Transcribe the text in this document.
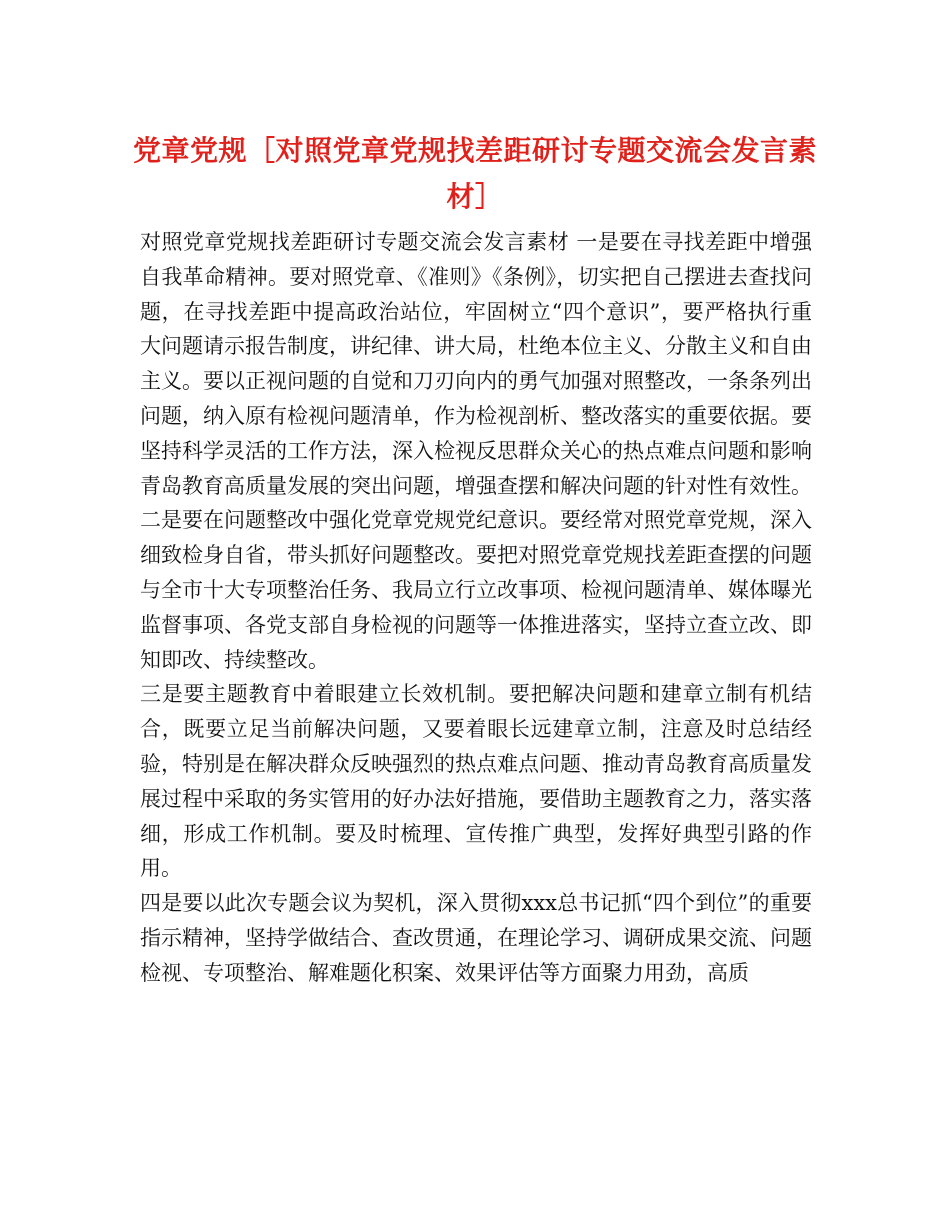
党章党规［对照党章党规找差距研讨专题交流会发言素材］

对照党章党规找差距研讨专题交流会发言素材 一是要在寻找差距中增强自我革命精神。要对照党章、《准则》《条例》，切实把自己摆进去查找问题，在寻找差距中提高政治站位，牢固树立“四个意识”，要严格执行重大问题请示报告制度，讲纪律、讲大局，杜绝本位主义、分散主义和自由主义。要以正视问题的自觉和刀刃向内的勇气加强对照整改，一条条列出问题，纳入原有检视问题清单，作为检视剖析、整改落实的重要依据。要坚持科学灵活的工作方法，深入检视反思群众关心的热点难点问题和影响青岛教育高质量发展的突出问题，增强查摆和解决问题的针对性有效性。

二是要在问题整改中强化党章党规党纪意识。要经常对照党章党规，深入细致检身自省，带头抓好问题整改。要把对照党章党规找差距查摆的问题与全市十大专项整治任务、我局立行立改事项、检视问题清单、媒体曝光监督事项、各党支部自身检视的问题等一体推进落实，坚持立查立改、即知即改、持续整改。

三是要主题教育中着眼建立长效机制。要把解决问题和建章立制有机结合，既要立足当前解决问题，又要着眼长远建章立制，注意及时总结经验，特别是在解决群众反映强烈的热点难点问题、推动青岛教育高质量发展过程中采取的务实管用的好办法好措施，要借助主题教育之力，落实落细，形成工作机制。要及时梳理、宣传推广典型，发挥好典型引路的作用。

四是要以此次专题会议为契机，深入贯彻xxx总书记抓“四个到位”的重要指示精神，坚持学做结合、查改贯通，在理论学习、调研成果交流、问题检视、专项整治、解难题化积案、效果评估等方面聚力用劲，高质
